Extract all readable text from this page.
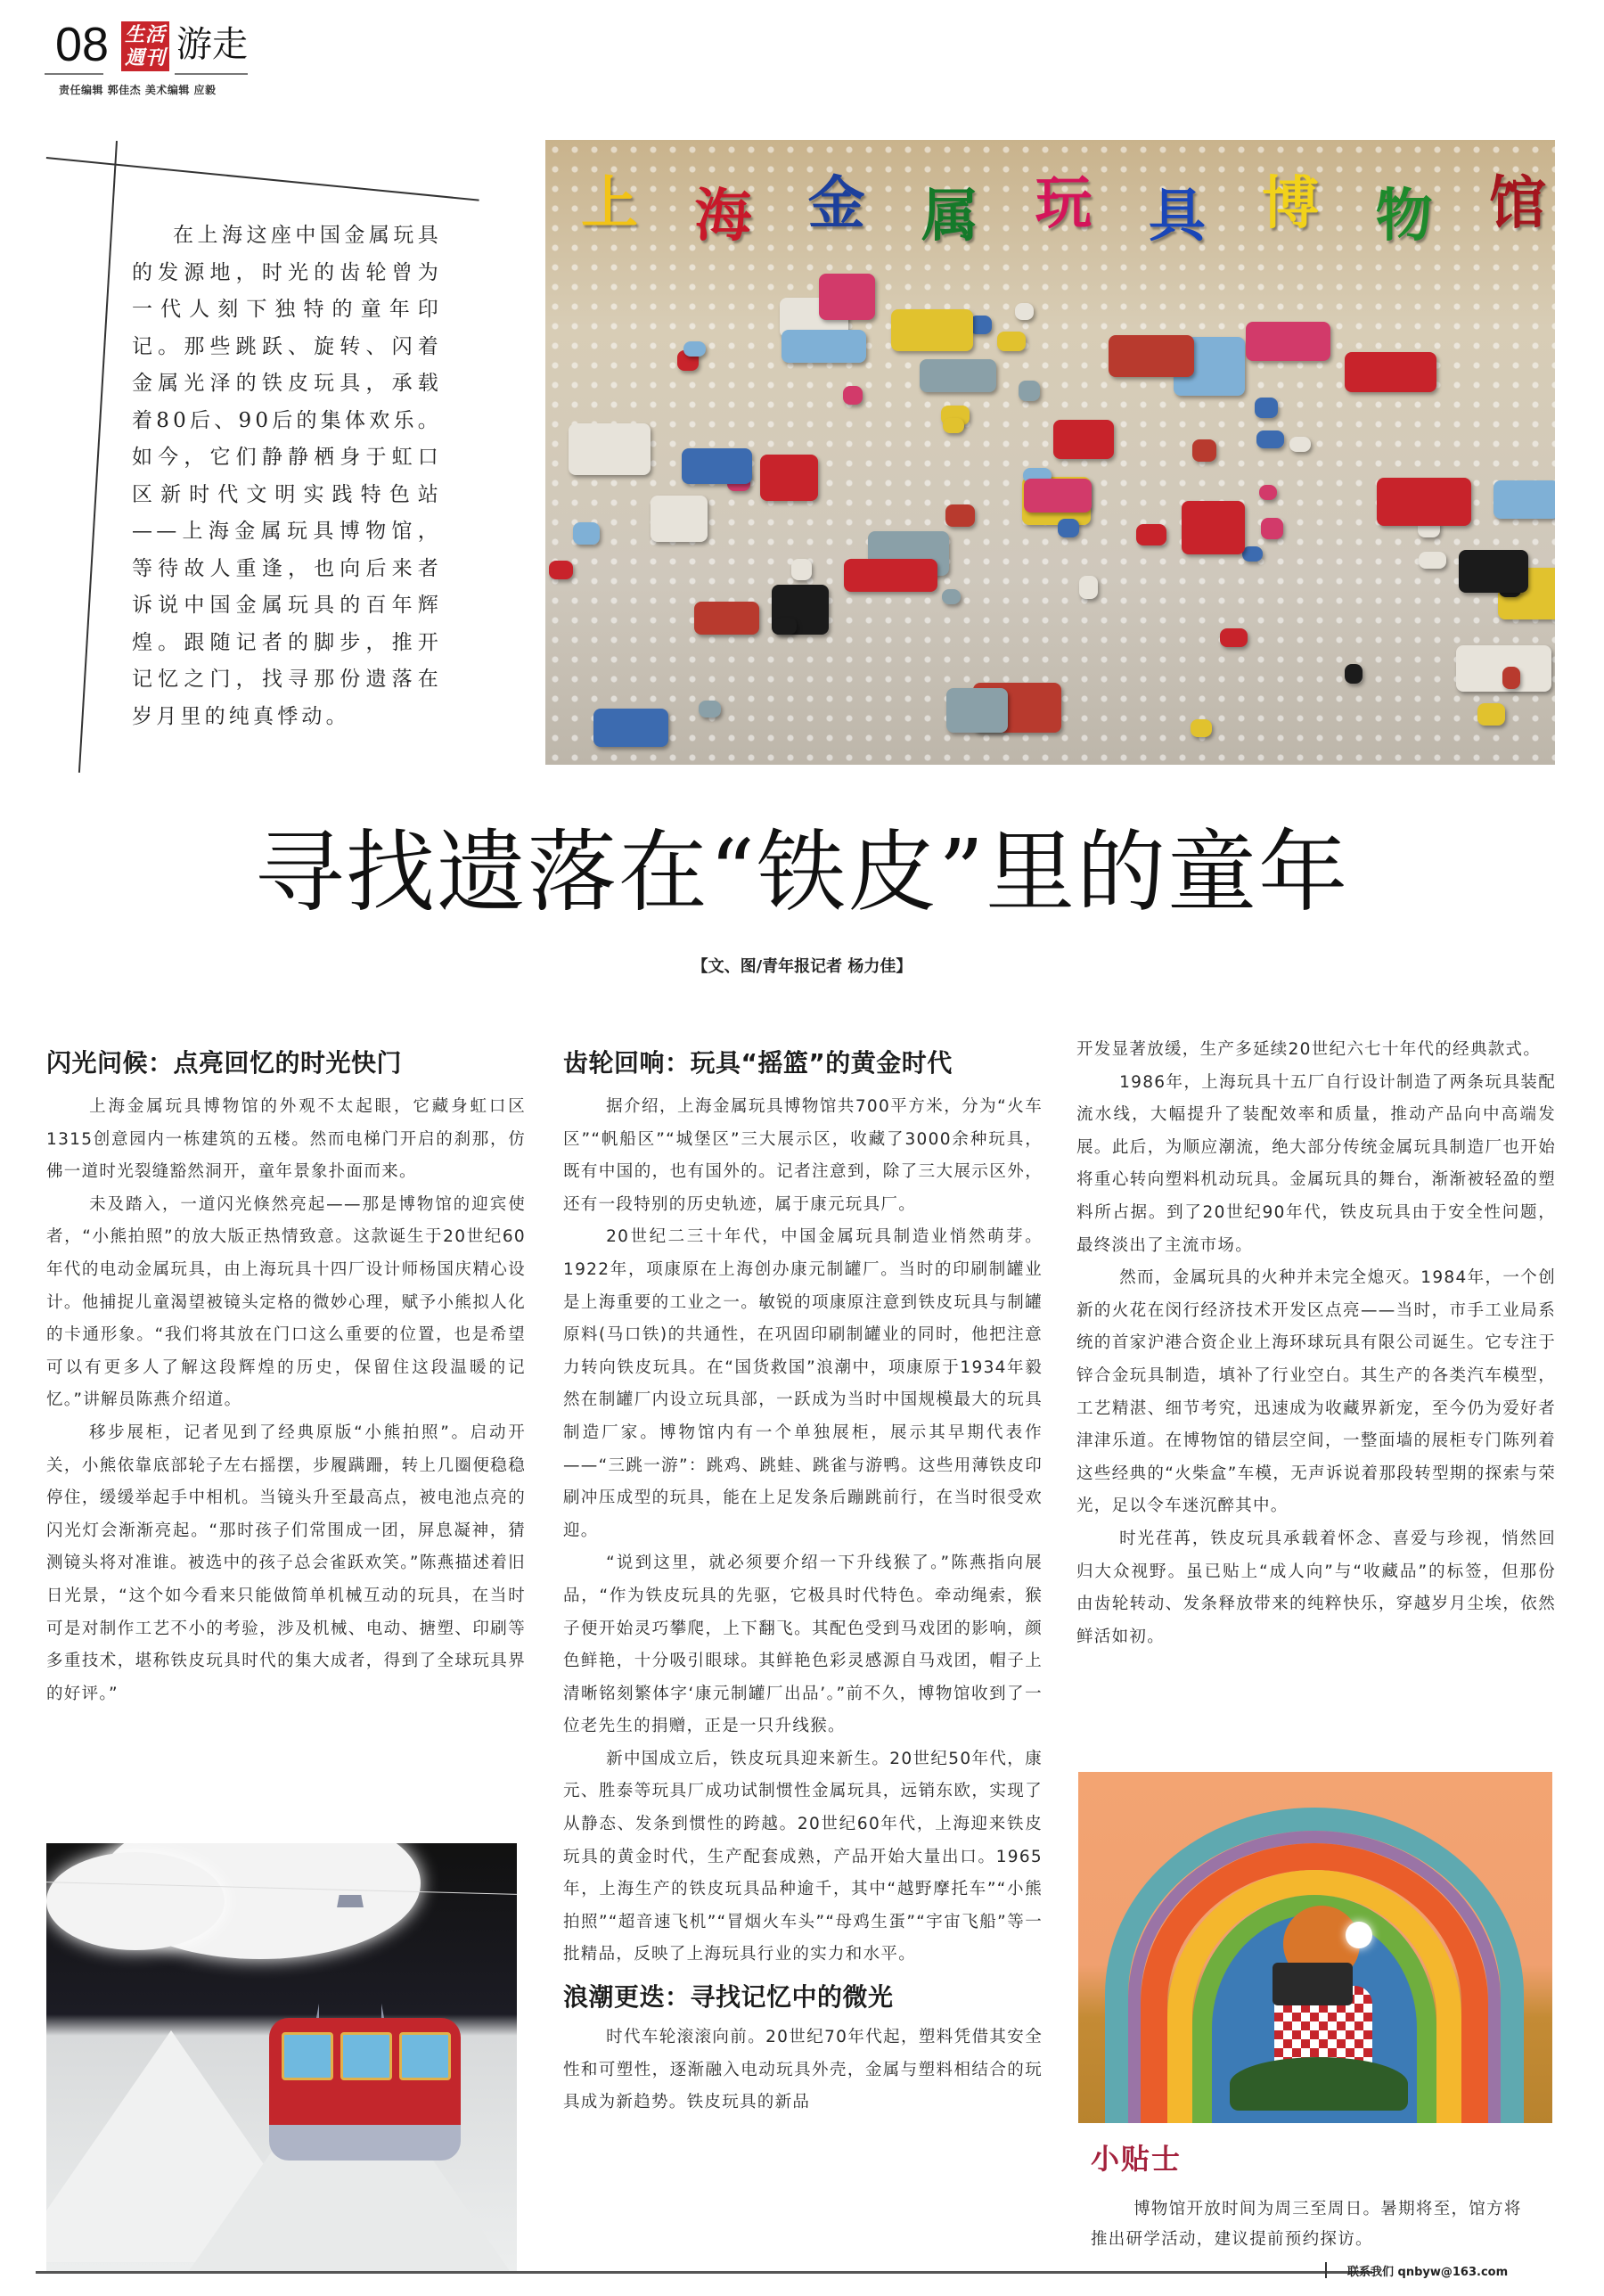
08 生活
週刊 游走
责任编辑 郭佳杰 美术编辑 应毅
在上海这座中国金属玩具的发源地，时光的齿轮曾为一代人刻下独特的童年印记。那些跳跃、旋转、闪着金属光泽的铁皮玩具，承载着80后、90后的集体欢乐。如今，它们静静栖身于虹口区新时代文明实践特色站——上海金属玩具博物馆，等待故人重逢，也向后来者诉说中国金属玩具的百年辉煌。跟随记者的脚步，推开记忆之门，找寻那份遗落在岁月里的纯真悸动。
上 海 金 属 玩 具 博 物 馆
寻找遗落在“铁皮”里的童年
【文、图/青年报记者 杨力佳】
闪光问候：点亮回忆的时光快门

上海金属玩具博物馆的外观不太起眼，它藏身虹口区1315创意园内一栋建筑的五楼。然而电梯门开启的刹那，仿佛一道时光裂缝豁然洞开，童年景象扑面而来。

未及踏入，一道闪光倏然亮起——那是博物馆的迎宾使者，“小熊拍照”的放大版正热情致意。这款诞生于20世纪60年代的电动金属玩具，由上海玩具十四厂设计师杨国庆精心设计。他捕捉儿童渴望被镜头定格的微妙心理，赋予小熊拟人化的卡通形象。“我们将其放在门口这么重要的位置，也是希望可以有更多人了解这段辉煌的历史，保留住这段温暖的记忆。”讲解员陈燕介绍道。

移步展柜，记者见到了经典原版“小熊拍照”。启动开关，小熊依靠底部轮子左右摇摆，步履蹒跚，转上几圈便稳稳停住，缓缓举起手中相机。当镜头升至最高点，被电池点亮的闪光灯会渐渐亮起。“那时孩子们常围成一团，屏息凝神，猜测镜头将对准谁。被选中的孩子总会雀跃欢笑。”陈燕描述着旧日光景，“这个如今看来只能做简单机械互动的玩具，在当时可是对制作工艺不小的考验，涉及机械、电动、搪塑、印刷等多重技术，堪称铁皮玩具时代的集大成者，得到了全球玩具界的好评。”

齿轮回响：玩具“摇篮”的黄金时代

据介绍，上海金属玩具博物馆共700平方米，分为“火车区”“帆船区”“城堡区”三大展示区，收藏了3000余种玩具，既有中国的，也有国外的。记者注意到，除了三大展示区外，还有一段特别的历史轨迹，属于康元玩具厂。

20世纪二三十年代，中国金属玩具制造业悄然萌芽。1922年，项康原在上海创办康元制罐厂。当时的印刷制罐业是上海重要的工业之一。敏锐的项康原注意到铁皮玩具与制罐原料(马口铁)的共通性，在巩固印刷制罐业的同时，他把注意力转向铁皮玩具。在“国货救国”浪潮中，项康原于1934年毅然在制罐厂内设立玩具部，一跃成为当时中国规模最大的玩具制造厂家。博物馆内有一个单独展柜，展示其早期代表作——“三跳一游”：跳鸡、跳蛙、跳雀与游鸭。这些用薄铁皮印刷冲压成型的玩具，能在上足发条后蹦跳前行，在当时很受欢迎。

“说到这里，就必须要介绍一下升线猴了。”陈燕指向展品，“作为铁皮玩具的先驱，它极具时代特色。牵动绳索，猴子便开始灵巧攀爬，上下翻飞。其配色受到马戏团的影响，颜色鲜艳，十分吸引眼球。其鲜艳色彩灵感源自马戏团，帽子上清晰铭刻繁体字‘康元制罐厂出品’。”前不久，博物馆收到了一位老先生的捐赠，正是一只升线猴。

新中国成立后，铁皮玩具迎来新生。20世纪50年代，康元、胜泰等玩具厂成功试制惯性金属玩具，远销东欧，实现了从静态、发条到惯性的跨越。20世纪60年代，上海迎来铁皮玩具的黄金时代，生产配套成熟，产品开始大量出口。1965年，上海生产的铁皮玩具品种逾千，其中“越野摩托车”“小熊拍照”“超音速飞机”“冒烟火车头”“母鸡生蛋”“宇宙飞船”等一批精品，反映了上海玩具行业的实力和水平。

浪潮更迭：寻找记忆中的微光

时代车轮滚滚向前。20世纪70年代起，塑料凭借其安全性和可塑性，逐渐融入电动玩具外壳，金属与塑料相结合的玩具成为新趋势。铁皮玩具的新品

开发显著放缓，生产多延续20世纪六七十年代的经典款式。

1986年，上海玩具十五厂自行设计制造了两条玩具装配流水线，大幅提升了装配效率和质量，推动产品向中高端发展。此后，为顺应潮流，绝大部分传统金属玩具制造厂也开始将重心转向塑料机动玩具。金属玩具的舞台，渐渐被轻盈的塑料所占据。到了20世纪90年代，铁皮玩具由于安全性问题，最终淡出了主流市场。

然而，金属玩具的火种并未完全熄灭。1984年，一个创新的火花在闵行经济技术开发区点亮——当时，市手工业局系统的首家沪港合资企业上海环球玩具有限公司诞生。它专注于锌合金玩具制造，填补了行业空白。其生产的各类汽车模型，工艺精湛、细节考究，迅速成为收藏界新宠，至今仍为爱好者津津乐道。在博物馆的错层空间，一整面墙的展柜专门陈列着这些经典的“火柴盒”车模，无声诉说着那段转型期的探索与荣光，足以令车迷沉醉其中。

时光荏苒，铁皮玩具承载着怀念、喜爱与珍视，悄然回归大众视野。虽已贴上“成人向”与“收藏品”的标签，但那份由齿轮转动、发条释放带来的纯粹快乐，穿越岁月尘埃，依然鲜活如初。

小贴士
博物馆开放时间为周三至周日。暑期将至，馆方将推出研学活动，建议提前预约探访。
联系我们 qnbyw@163.com
